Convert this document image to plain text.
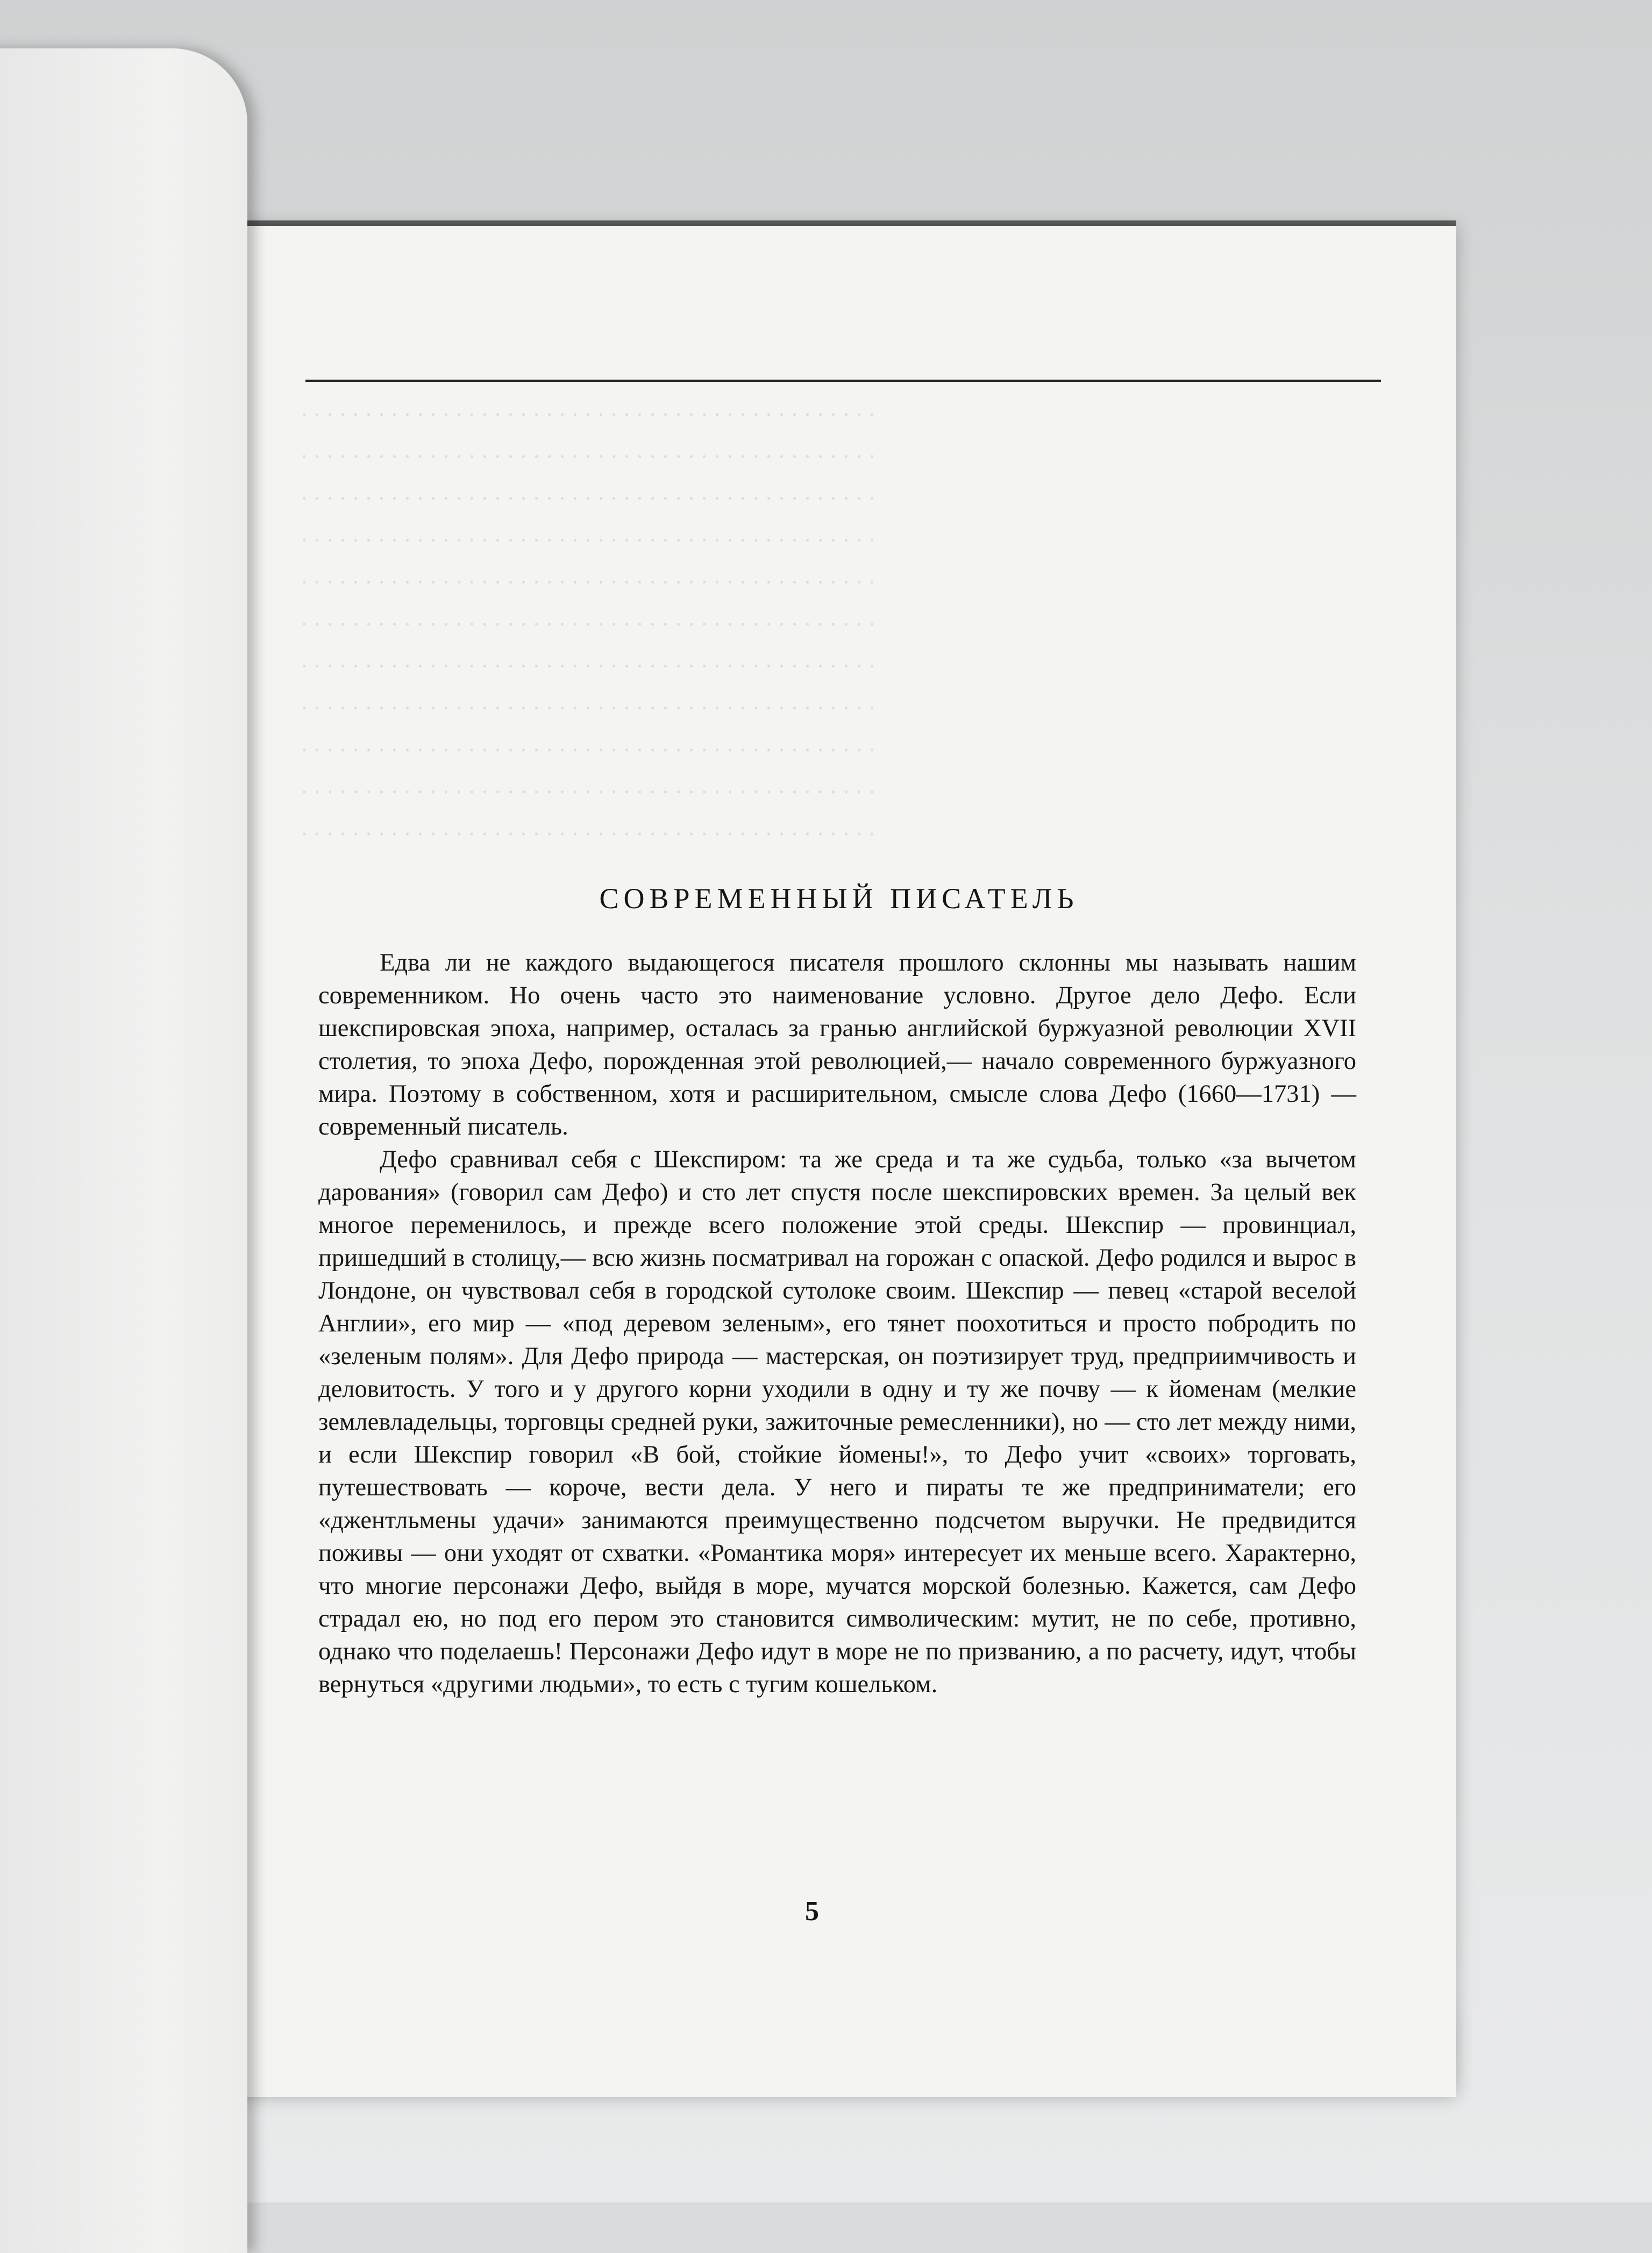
. . . . . . . . . . . . . . . . . . . . . . . . . . . . . . . . . . . . . . . . . . . . .
. . . . . . . . . . . . . . . . . . . . . . . . . . . . . . . . . . . . . . . . . . . . .
. . . . . . . . . . . . . . . . . . . . . . . . . . . . . . . . . . . . . . . . . . . . .
. . . . . . . . . . . . . . . . . . . . . . . . . . . . . . . . . . . . . . . . . . . . .
. . . . . . . . . . . . . . . . . . . . . . . . . . . . . . . . . . . . . . . . . . . . .
. . . . . . . . . . . . . . . . . . . . . . . . . . . . . . . . . . . . . . . . . . . . .
. . . . . . . . . . . . . . . . . . . . . . . . . . . . . . . . . . . . . . . . . . . . .
. . . . . . . . . . . . . . . . . . . . . . . . . . . . . . . . . . . . . . . . . . . . .
. . . . . . . . . . . . . . . . . . . . . . . . . . . . . . . . . . . . . . . . . . . . .
. . . . . . . . . . . . . . . . . . . . . . . . . . . . . . . . . . . . . . . . . . . . .
. . . . . . . . . . . . . . . . . . . . . . . . . . . . . . . . . . . . . . . . . . . . .
СОВРЕМЕННЫЙ ПИСАТЕЛЬ

Едва ли не каждого выдающегося писателя прошлого склонны мы называть нашим современником. Но очень часто это наименование условно. Другое дело Дефо. Если шекспировская эпоха, например, осталась за гранью английской буржуазной революции XVII столетия, то эпоха Дефо, порожденная этой революцией,— начало современного буржуазного мира. Поэтому в собственном, хотя и расширительном, смысле слова Дефо (1660—1731) — современный писатель.

Дефо сравнивал себя с Шекспиром: та же среда и та же судьба, только «за вычетом дарования» (говорил сам Дефо) и сто лет спустя после шекспировских времен. За целый век многое переменилось, и прежде всего положение этой среды. Шекспир — провинциал, пришедший в столицу,— всю жизнь посматривал на горожан с опаской. Дефо родился и вырос в Лондоне, он чувствовал себя в городской сутолоке своим. Шекспир — певец «старой веселой Англии», его мир — «под деревом зеленым», его тянет поохотиться и просто побродить по «зеленым полям». Для Дефо природа — мастерская, он поэтизирует труд, предприимчивость и деловитость. У того и у другого корни уходили в одну и ту же почву — к йоменам (мелкие землевладельцы, торговцы средней руки, зажиточные ремесленники), но — сто лет между ними, и если Шекспир говорил «В бой, стойкие йомены!», то Дефо учит «своих» торговать, путешествовать — короче, вести дела. У него и пираты те же предприниматели; его «джентльмены удачи» занимаются преимущественно подсчетом выручки. Не предвидится поживы — они уходят от схватки. «Романтика моря» интересует их меньше всего. Характерно, что многие персонажи Дефо, выйдя в море, мучатся морской болезнью. Кажется, сам Дефо страдал ею, но под его пером это становится символическим: мутит, не по себе, противно, однако что поделаешь! Персонажи Дефо идут в море не по призванию, а по расчету, идут, чтобы вернуться «другими людьми», то есть с тугим кошельком.

5
